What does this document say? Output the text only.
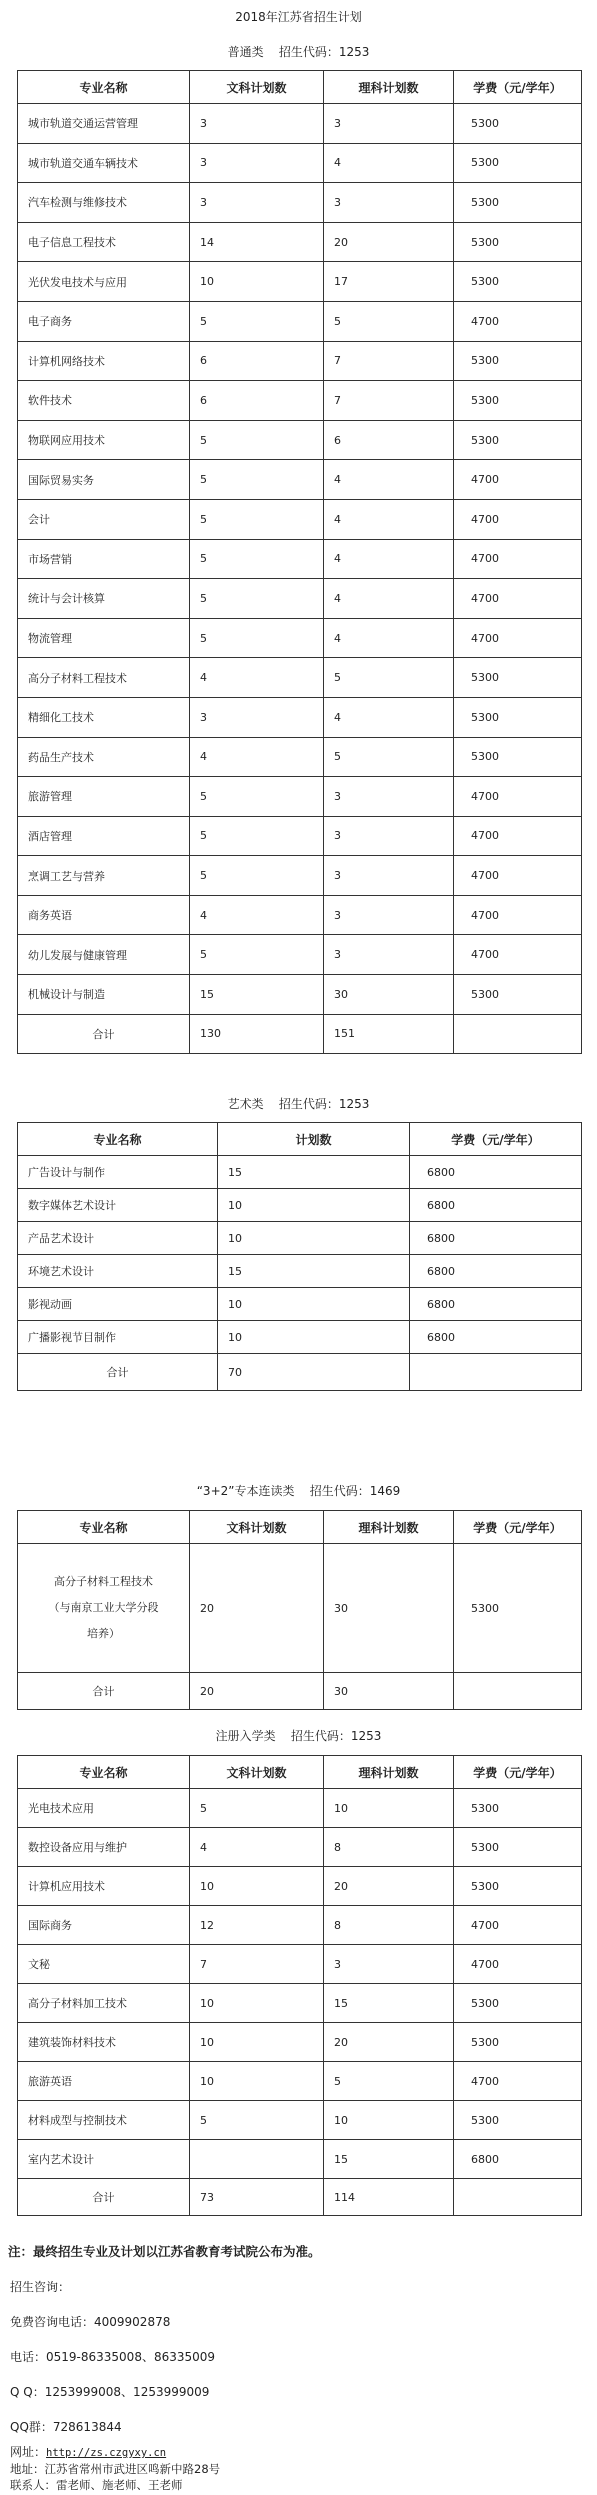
2018年江苏省招生计划
普通类    招生代码：1253
专业名称	文科计划数	理科计划数	学费（元/学年）
城市轨道交通运营管理	3	3	5300
城市轨道交通车辆技术	3	4	5300
汽车检测与维修技术	3	3	5300
电子信息工程技术	14	20	5300
光伏发电技术与应用	10	17	5300
电子商务	5	5	4700
计算机网络技术	6	7	5300
软件技术	6	7	5300
物联网应用技术	5	6	5300
国际贸易实务	5	4	4700
会计	5	4	4700
市场营销	5	4	4700
统计与会计核算	5	4	4700
物流管理	5	4	4700
高分子材料工程技术	4	5	5300
精细化工技术	3	4	5300
药品生产技术	4	5	5300
旅游管理	5	3	4700
酒店管理	5	3	4700
烹调工艺与营养	5	3	4700
商务英语	4	3	4700
幼儿发展与健康管理	5	3	4700
机械设计与制造	15	30	5300
合计	130	151	
艺术类    招生代码：1253
专业名称	计划数	学费（元/学年）
广告设计与制作	15	6800
数字媒体艺术设计	10	6800
产品艺术设计	10	6800
环境艺术设计	15	6800
影视动画	10	6800
广播影视节目制作	10	6800
合计	70	
“3+2”专本连读类    招生代码：1469
专业名称	文科计划数	理科计划数	学费（元/学年）

高分子材料工程技术
（与南京工业大学分段
培养）	20	30	5300
合计	20	30	
注册入学类    招生代码：1253
专业名称	文科计划数	理科计划数	学费（元/学年）
光电技术应用	5	10	5300
数控设备应用与维护	4	8	5300
计算机应用技术	10	20	5300
国际商务	12	8	4700
文秘	7	3	4700
高分子材料加工技术	10	15	5300
建筑装饰材料技术	10	20	5300
旅游英语	10	5	4700
材料成型与控制技术	5	10	5300
室内艺术设计		15	6800
合计	73	114	
注：最终招生专业及计划以江苏省教育考试院公布为准。
招生咨询：
免费咨询电话：4009902878
电话：0519-86335008、86335009
Q Q：1253999008、1253999009
QQ群：728613844
网址：http://zs.czgyxy.cn
联系人：雷老师、施老师、王老师
地址：江苏省常州市武进区鸣新中路28号
